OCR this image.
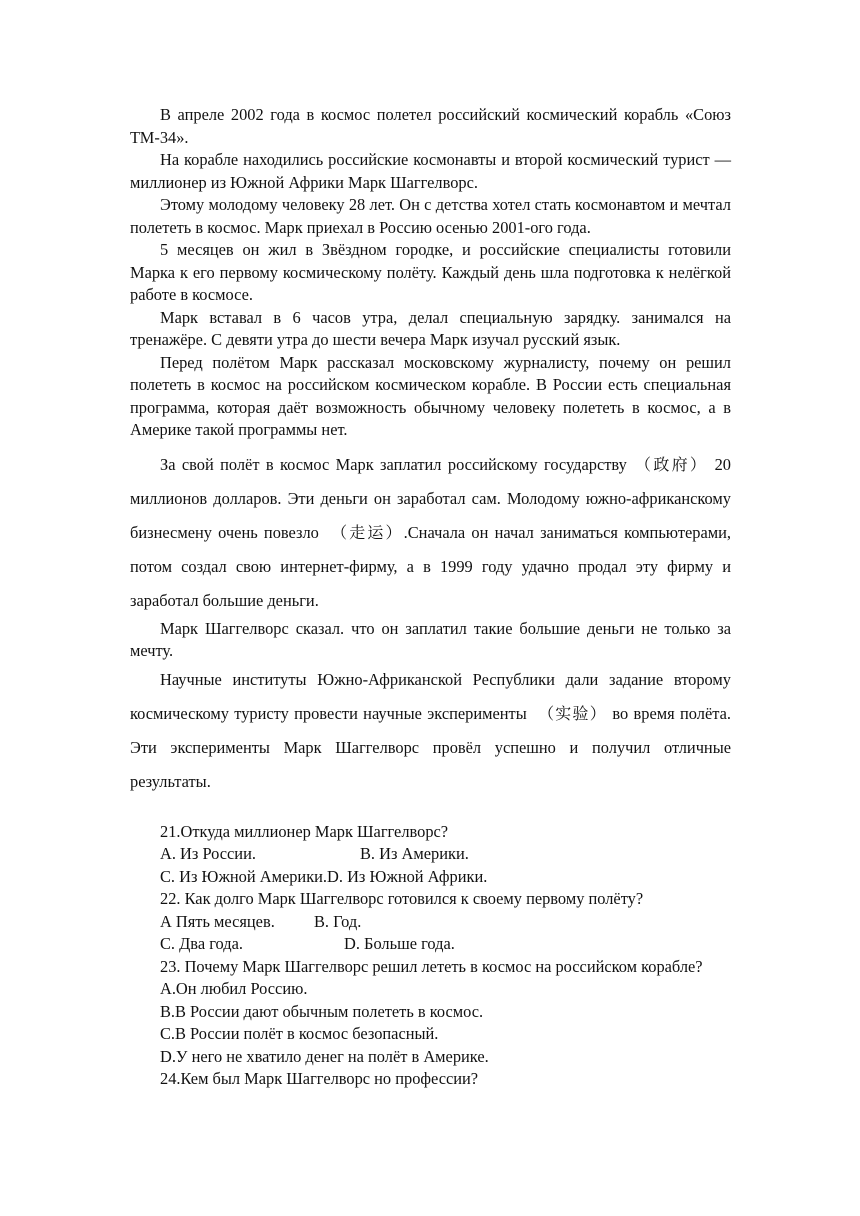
В апреле 2002 года в космос полетел российский космический корабль «Союз ТМ-34».

На корабле находились российские космонавты и второй космический турист — миллионер из Южной Африки Марк Шаггелворс.

Этому молодому человеку 28 лет. Он с детства хотел стать космонавтом и мечтал полететь в космос. Марк приехал в Россию осенью 2001-ого года.

5 месяцев он жил в Звёздном городке, и российские специалисты готовили Марка к его первому космическому полёту. Каждый день шла подготовка к нелёгкой работе в космосе.

Марк вставал в 6 часов утра, делал специальную зарядку. занимался на тренажёре. С девяти утра до шести вечера Марк изучал русский язык.

Перед полётом Марк рассказал московскому журналисту, почему он решил полететь в космос на российском космическом корабле. В России есть специальная программа, которая даёт возможность обычному человеку полететь в космос, а в Америке такой программы нет.

За свой полёт в космос Марк заплатил российскому государству （政府） 20 миллионов долларов. Эти деньги он заработал сам. Молодому южно-африканскому бизнесмену очень повезло （走运）.Сначала он начал заниматься компьютерами, потом создал свою интернет-фирму, а в 1999 году удачно продал эту фирму и заработал большие деньги.

Марк Шаггелворс сказал. что он заплатил такие большие деньги не только за мечту.

Научные институты Южно-Африканской Республики дали задание второму космическому туристу провести научные эксперименты （实验） во время полёта. Эти эксперименты Марк Шаггелворс провёл успешно и получил отличные результаты.

21.Откуда миллионер Марк Шаггелворс?

А. Из России.	В. Из Америки.

С. Из Южной Америки.D. Из Южной Африки.

22. Как долго Марк Шаггелворс готовился к своему первому полёту?

А Пять месяцев. В. Год.

С. Два года.	D. Больше года.

23. Почему Марк Шаггелворс решил лететь в космос на российском корабле?

А.Он любил Россию.

В.В России дают обычным полететь в космос.

С.В России полёт в космос безопасный.

D.У него не хватило денег на полёт в Америке.

24.Кем был Марк Шаггелворс но профессии?
